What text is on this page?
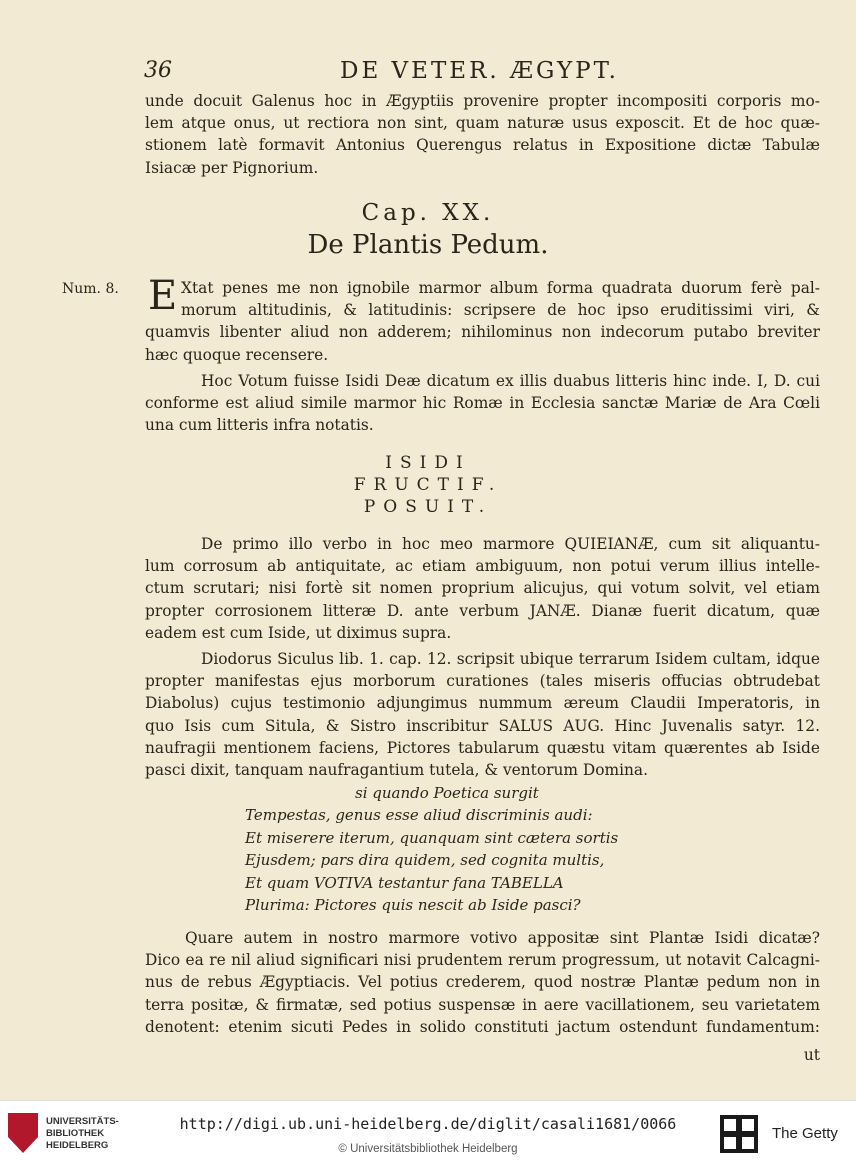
36	DE VETER. ÆGYPT.
unde docuit Galenus hoc in Ægyptiis provenire propter incompositi corporis mo-
lem atque onus, ut rectiora non sint, quam naturæ usus exposcit. Et de hoc quæ-
stionem latè formavit Antonius Querengus relatus in Expositione dictæ Tabulæ
Isiacæ per Pignorium.
Cap. XX.
De Plantis Pedum.
Num. 8. E Xtat penes me non ignobile marmor album forma quadrata duorum ferè pal-
morum altitudinis, & latitudinis: scripsere de hoc ipso eruditissimi viri, &
quamvis libenter aliud non adderem; nihilominus non indecorum putabo breviter
hæc quoque recensere.
Hoc Votum fuisse Isidi Deæ dicatum ex illis duabus litteris hinc inde. I, D. cui
conforme est aliud simile marmor hic Romæ in Ecclesia sanctæ Mariæ de Ara Cœli
una cum litteris infra notatis.
ISIDI
FRUCTIF.
POSUIT.
De primo illo verbo in hoc meo marmore QUIEIANÆ, cum sit aliquantu-
lum corrosum ab antiquitate, ac etiam ambiguum, non potui verum illius intelle-
ctum scrutari; nisi fortè sit nomen proprium alicujus, qui votum solvit, vel etiam
propter corrosionem litteræ D. ante verbum JANÆ. Dianæ fuerit dicatum, quæ
eadem est cum Iside, ut diximus supra.
Diodorus Siculus lib. 1. cap. 12. scripsit ubique terrarum Isidem cultam, idque
propter manifestas ejus morborum curationes (tales miseris offucias obtrudebat
Diabolus) cujus testimonio adjungimus nummum æreum Claudii Imperatoris, in
quo Isis cum Situla, & Sistro inscribitur SALUS AUG. Hinc Juvenalis satyr. 12.
naufragii mentionem faciens, Pictores tabularum quæstu vitam quærentes ab Iside
pasci dixit, tanquam naufragantium tutela, & ventorum Domina.
si quando Poetica surgit
Tempestas, genus esse aliud discriminis audi:
Et miserere iterum, quanquam sint cætera sortis
Ejusdem; pars dira quidem, sed cognita multis,
Et quam VOTIVA testantur fana TABELLA
Plurima: Pictores quis nescit ab Iside pasci?
Quare autem in nostro marmore votivo appositæ sint Plantæ Isidi dicatæ?
Dico ea re nil aliud significari nisi prudentem rerum progressum, ut notavit Calcagni-
nus de rebus Ægyptiacis. Vel potius crederem, quod nostræ Plantæ pedum non in
terra positæ, & firmatæ, sed potius suspensæ in aere vacillationem, seu varietatem
denotent: etenim sicuti Pedes in solido constituti jactum ostendunt fundamentum:
ut
UNIVERSITÄTS-
BIBLIOTHEK
HEIDELBERG
http://digi.ub.uni-heidelberg.de/diglit/casali1681/0066
© Universitätsbibliothek Heidelberg
The Getty
